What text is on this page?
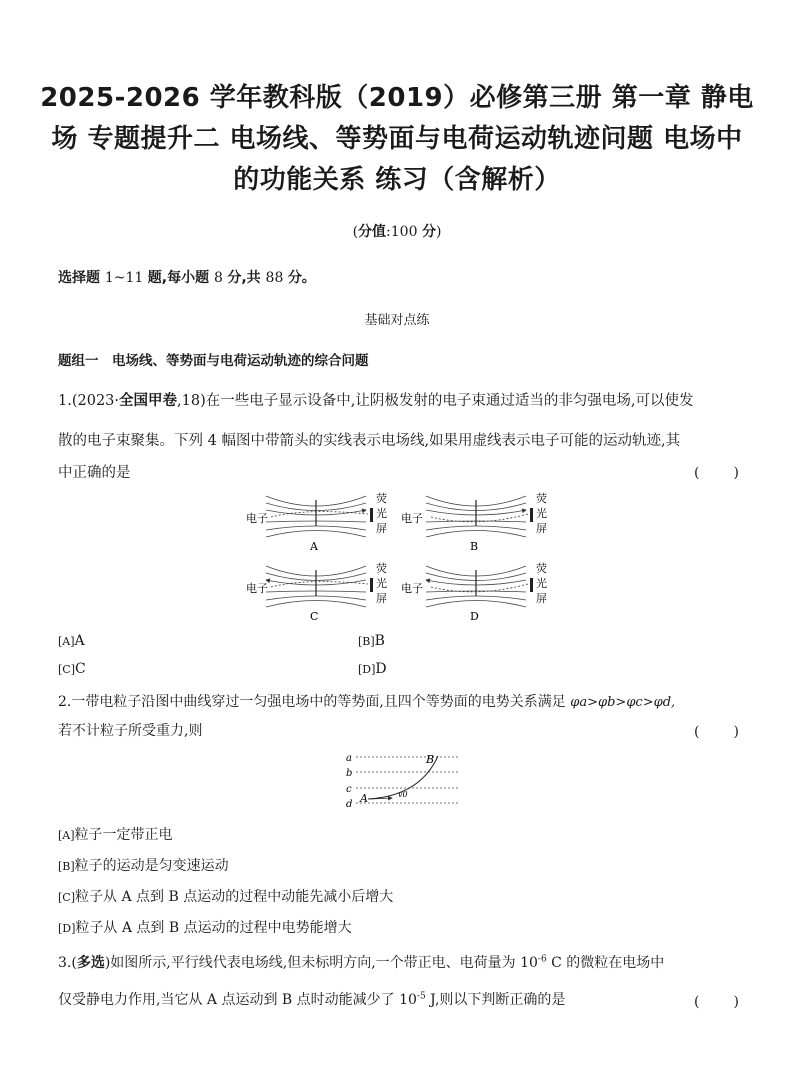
2025-2026 学年教科版（2019）必修第三册 第一章 静电场 专题提升二 电场线、等势面与电荷运动轨迹问题 电场中的功能关系 练习（含解析）
(分值:100 分)
选择题 1~11 题,每小题 8 分,共 88 分。
基础对点练
题组一　电场线、等势面与电荷运动轨迹的综合问题
1.(2023·全国甲卷,18)在一些电子显示设备中,让阴极发射的电子束通过适当的非匀强电场,可以使发
散的电子束聚集。下列 4 幅图中带箭头的实线表示电场线,如果用虚线表示电子可能的运动轨迹,其
中正确的是	(　　)
电子
荧
光
屏
A
电子
荧
光
屏
B
电子
荧
光
屏
C
电子
荧
光
屏
D
[A]A	[B]B
[C]C	[D]D
2.一带电粒子沿图中曲线穿过一匀强电场中的等势面,且四个等势面的电势关系满足 φa>φb>φc>φd,
若不计粒子所受重力,则	(　　)
a
b
c
d A
B
v0
[A]粒子一定带正电
[B]粒子的运动是匀变速运动
[C]粒子从 A 点到 B 点运动的过程中动能先减小后增大
[D]粒子从 A 点到 B 点运动的过程中电势能增大
3.(多选)如图所示,平行线代表电场线,但未标明方向,一个带正电、电荷量为 $10^{-6}$ C 的微粒在电场中
仅受静电力作用,当它从 A 点运动到 B 点时动能减少了 $10^{-5}$ J,则以下判断正确的是	(　　)
